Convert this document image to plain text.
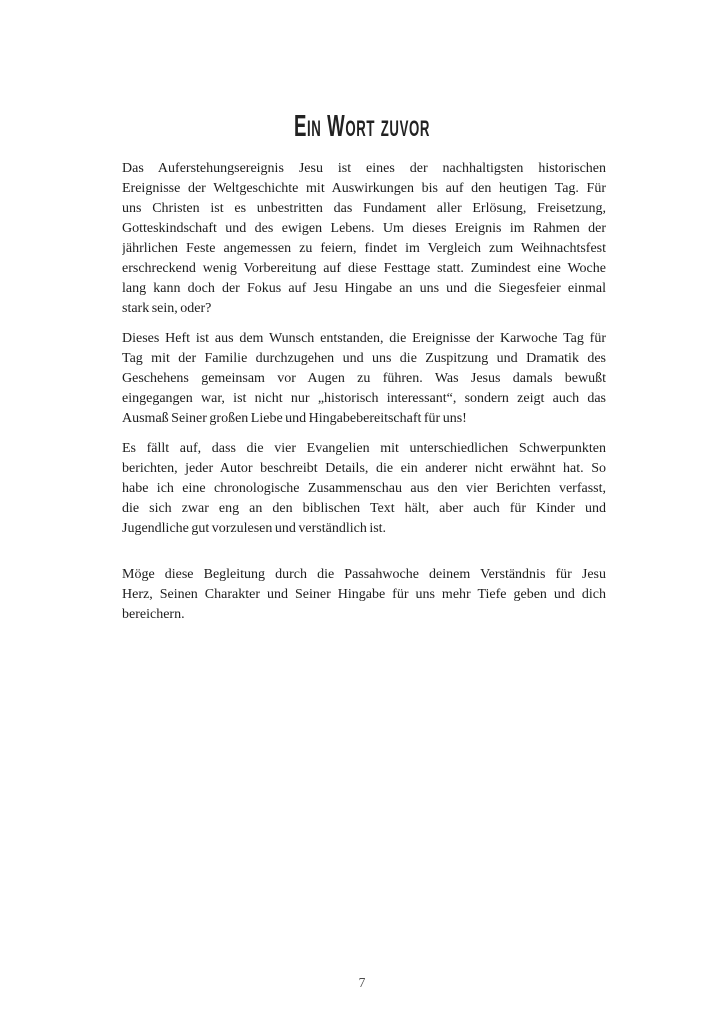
Ein Wort zuvor
Das Auferstehungsereignis Jesu ist eines der nachhaltigsten historischen
Ereignisse der Weltgeschichte mit Auswirkungen bis auf den heutigen Tag. Für
uns Christen ist es unbestritten das Fundament aller Erlösung, Freisetzung,
Gotteskindschaft und des ewigen Lebens. Um dieses Ereignis im Rahmen der
jährlichen Feste angemessen zu feiern, findet im Vergleich zum Weihnachtsfest
erschreckend wenig Vorbereitung auf diese Festtage statt. Zumindest eine Woche
lang kann doch der Fokus auf Jesu Hingabe an uns und die Siegesfeier einmal
stark sein, oder?
Dieses Heft ist aus dem Wunsch entstanden, die Ereignisse der Karwoche Tag für
Tag mit der Familie durchzugehen und uns die Zuspitzung und Dramatik des
Geschehens gemeinsam vor Augen zu führen. Was Jesus damals bewußt
eingegangen war, ist nicht nur „historisch interessant“, sondern zeigt auch das
Ausmaß Seiner großen Liebe und Hingabebereitschaft für uns!
Es fällt auf, dass die vier Evangelien mit unterschiedlichen Schwerpunkten
berichten, jeder Autor beschreibt Details, die ein anderer nicht erwähnt hat. So
habe ich eine chronologische Zusammenschau aus den vier Berichten verfasst,
die sich zwar eng an den biblischen Text hält, aber auch für Kinder und
Jugendliche gut vorzulesen und verständlich ist.
Möge diese Begleitung durch die Passahwoche deinem Verständnis für Jesu
Herz, Seinen Charakter und Seiner Hingabe für uns mehr Tiefe geben und dich
bereichern.
7
